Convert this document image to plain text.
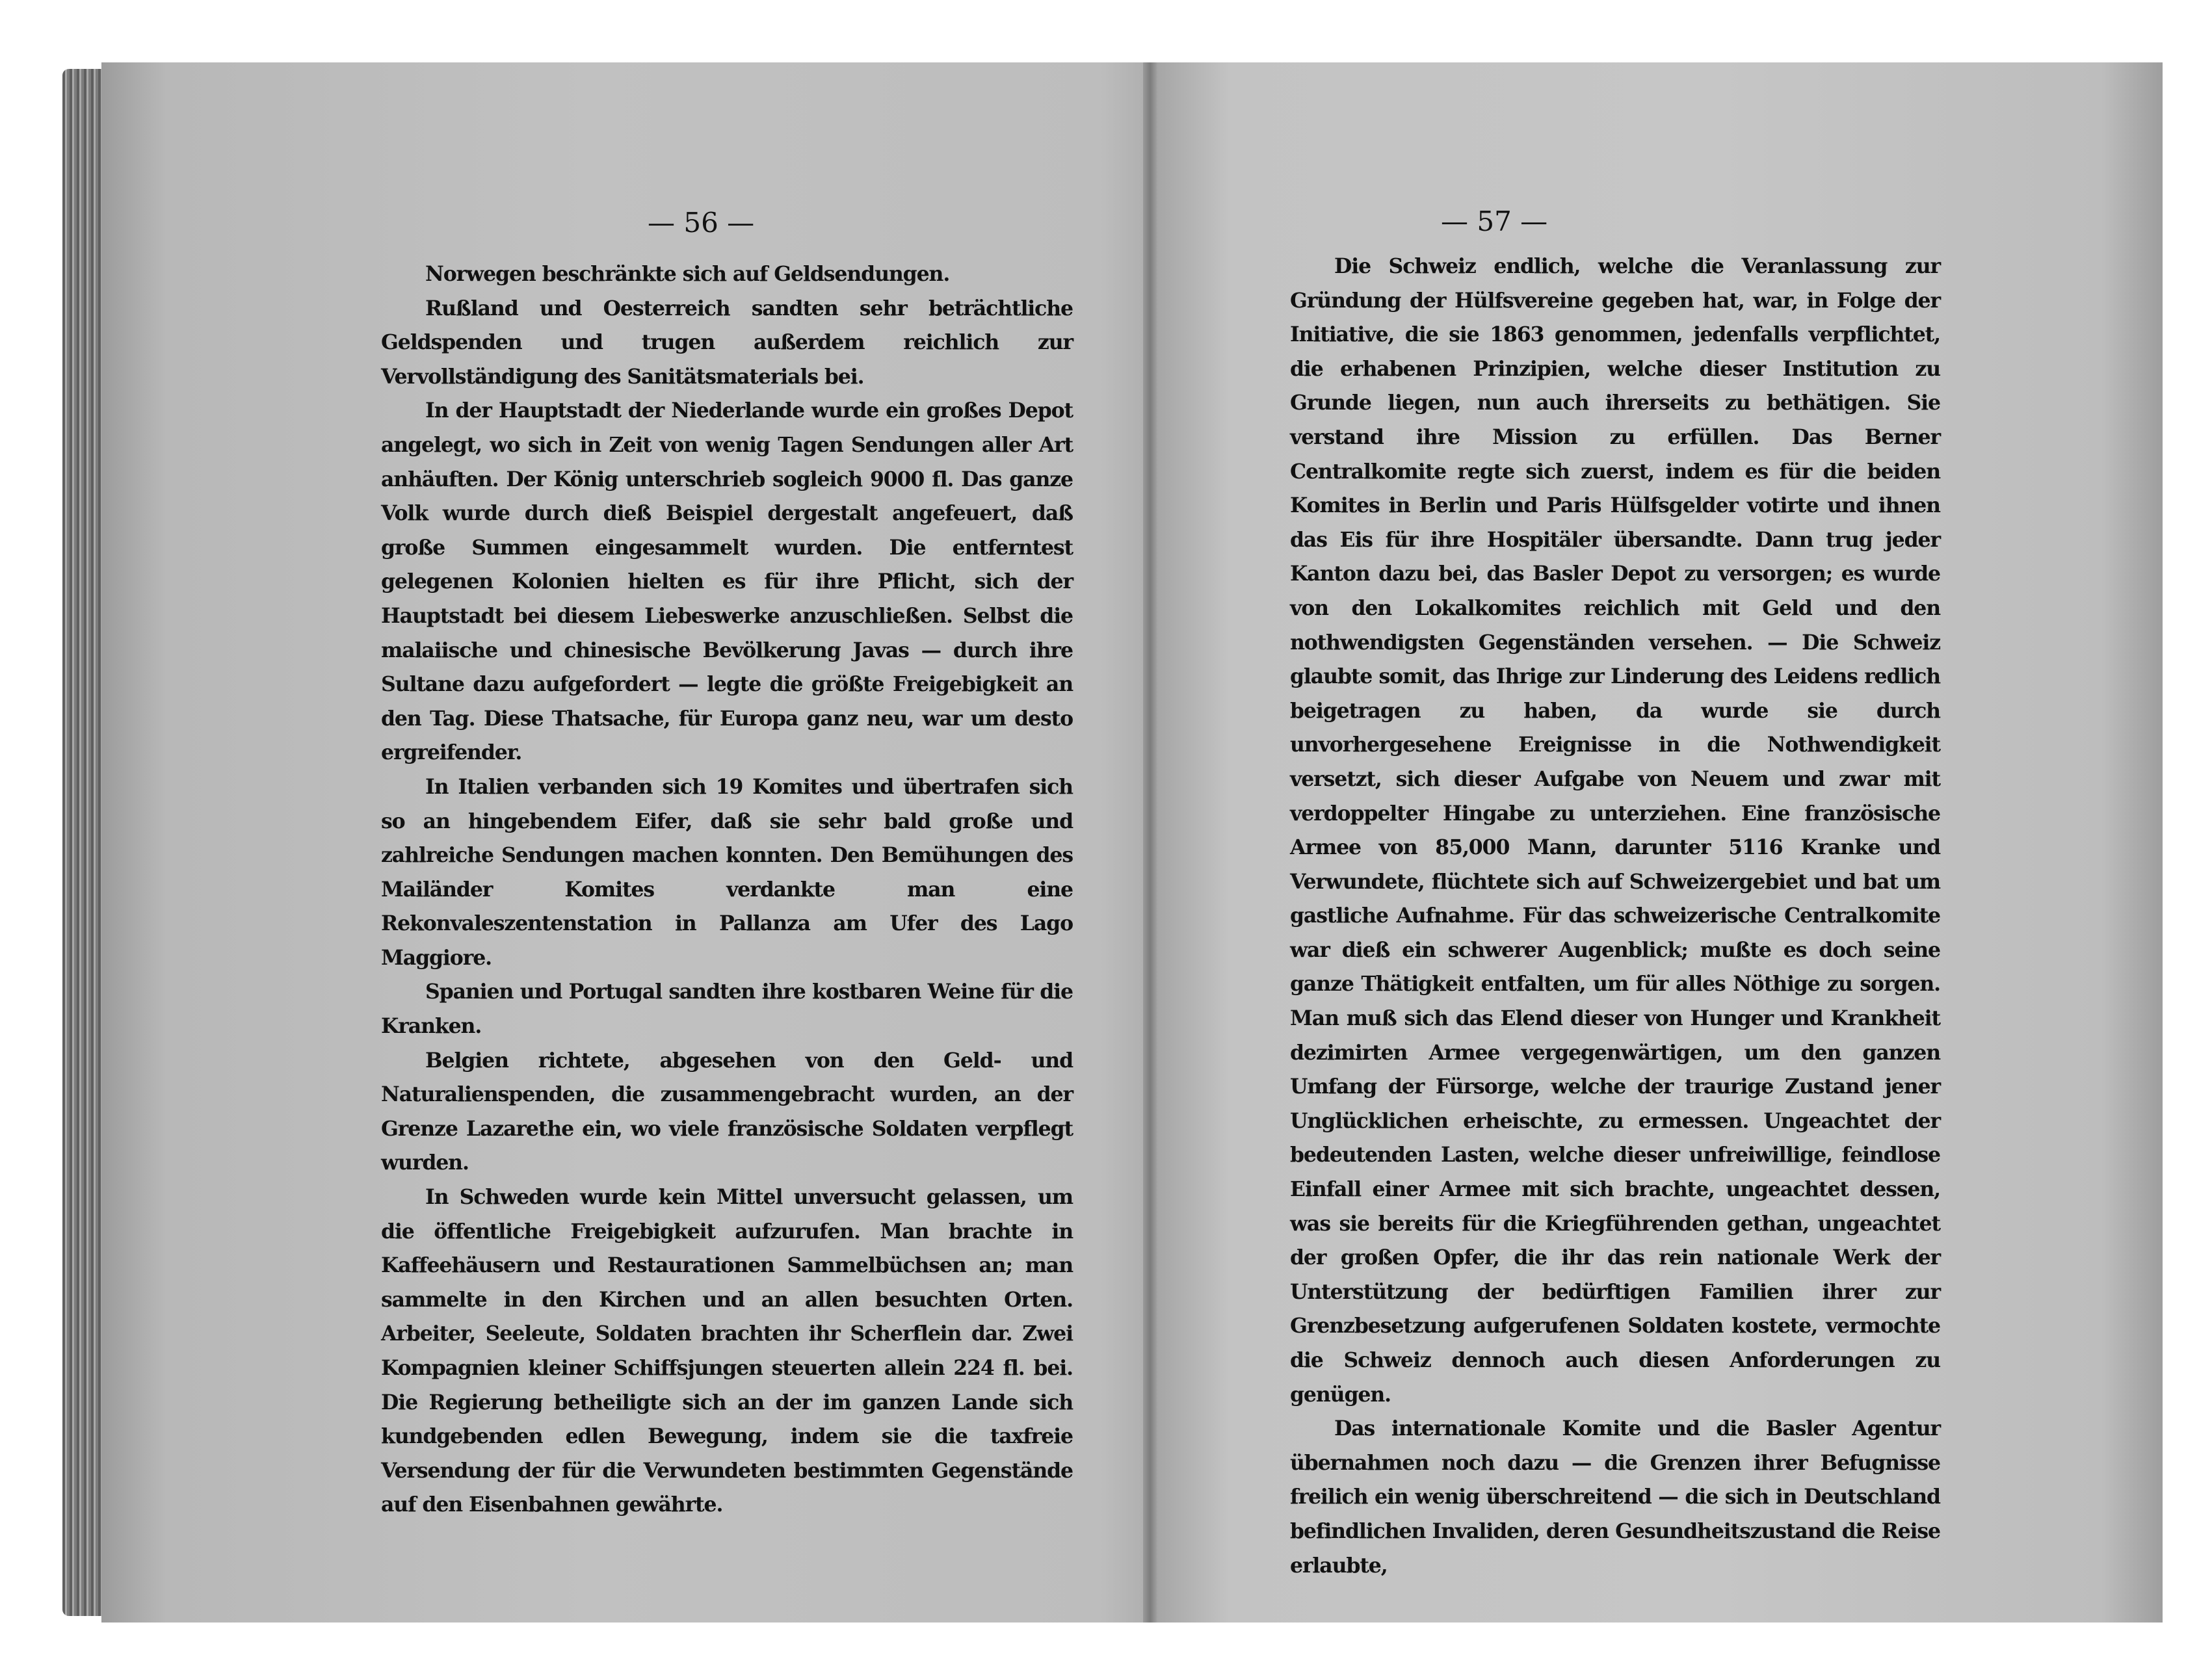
— 56 —

Norwegen beschränkte sich auf Geldsendungen.

Rußland und Oesterreich sandten sehr beträchtliche Geldspenden und trugen außerdem reichlich zur Vervollständigung des Sanitätsmaterials bei.

In der Hauptstadt der Niederlande wurde ein großes Depot angelegt, wo sich in Zeit von wenig Tagen Sendungen aller Art anhäuften. Der König unterschrieb sogleich 9000 fl. Das ganze Volk wurde durch dieß Beispiel dergestalt angefeuert, daß große Summen eingesammelt wurden. Die entferntest gelegenen Kolonien hielten es für ihre Pflicht, sich der Hauptstadt bei diesem Liebeswerke anzuschließen. Selbst die malaiische und chinesische Bevölkerung Javas — durch ihre Sultane dazu aufgefordert — legte die größte Freigebigkeit an den Tag. Diese Thatsache, für Europa ganz neu, war um desto ergreifender.

In Italien verbanden sich 19 Komites und übertrafen sich so an hingebendem Eifer, daß sie sehr bald große und zahlreiche Sendungen machen konnten. Den Bemühungen des Mailänder Komites verdankte man eine Rekonvaleszentenstation in Pallanza am Ufer des Lago Maggiore.

Spanien und Portugal sandten ihre kostbaren Weine für die Kranken.

Belgien richtete, abgesehen von den Geld- und Naturalienspenden, die zusammengebracht wurden, an der Grenze Lazarethe ein, wo viele französische Soldaten verpflegt wurden.

In Schweden wurde kein Mittel unversucht gelassen, um die öffentliche Freigebigkeit aufzurufen. Man brachte in Kaffeehäusern und Restaurationen Sammelbüchsen an; man sammelte in den Kirchen und an allen besuchten Orten. Arbeiter, Seeleute, Soldaten brachten ihr Scherflein dar. Zwei Kompagnien kleiner Schiffsjungen steuerten allein 224 fl. bei. Die Regierung betheiligte sich an der im ganzen Lande sich kundgebenden edlen Bewegung, indem sie die taxfreie Versendung der für die Verwundeten bestimmten Gegenstände auf den Eisenbahnen gewährte.

— 57 —

Die Schweiz endlich, welche die Veranlassung zur Gründung der Hülfsvereine gegeben hat, war, in Folge der Initiative, die sie 1863 genommen, jedenfalls verpflichtet, die erhabenen Prinzipien, welche dieser Institution zu Grunde liegen, nun auch ihrerseits zu bethätigen. Sie verstand ihre Mission zu erfüllen. Das Berner Centralkomite regte sich zuerst, indem es für die beiden Komites in Berlin und Paris Hülfsgelder votirte und ihnen das Eis für ihre Hospitäler übersandte. Dann trug jeder Kanton dazu bei, das Basler Depot zu versorgen; es wurde von den Lokalkomites reichlich mit Geld und den nothwendigsten Gegenständen versehen. — Die Schweiz glaubte somit, das Ihrige zur Linderung des Leidens redlich beigetragen zu haben, da wurde sie durch unvorhergesehene Ereignisse in die Nothwendigkeit versetzt, sich dieser Aufgabe von Neuem und zwar mit verdoppelter Hingabe zu unterziehen. Eine französische Armee von 85,000 Mann, darunter 5116 Kranke und Verwundete, flüchtete sich auf Schweizergebiet und bat um gastliche Aufnahme. Für das schweizerische Centralkomite war dieß ein schwerer Augenblick; mußte es doch seine ganze Thätigkeit entfalten, um für alles Nöthige zu sorgen. Man muß sich das Elend dieser von Hunger und Krankheit dezimirten Armee vergegenwärtigen, um den ganzen Umfang der Fürsorge, welche der traurige Zustand jener Unglücklichen erheischte, zu ermessen. Ungeachtet der bedeutenden Lasten, welche dieser unfreiwillige, feindlose Einfall einer Armee mit sich brachte, ungeachtet dessen, was sie bereits für die Kriegführenden gethan, ungeachtet der großen Opfer, die ihr das rein nationale Werk der Unterstützung der bedürftigen Familien ihrer zur Grenzbesetzung aufgerufenen Soldaten kostete, vermochte die Schweiz dennoch auch diesen Anforderungen zu genügen.

Das internationale Komite und die Basler Agentur übernahmen noch dazu — die Grenzen ihrer Befugnisse freilich ein wenig überschreitend — die sich in Deutschland befindlichen Invaliden, deren Gesundheitszustand die Reise erlaubte,
